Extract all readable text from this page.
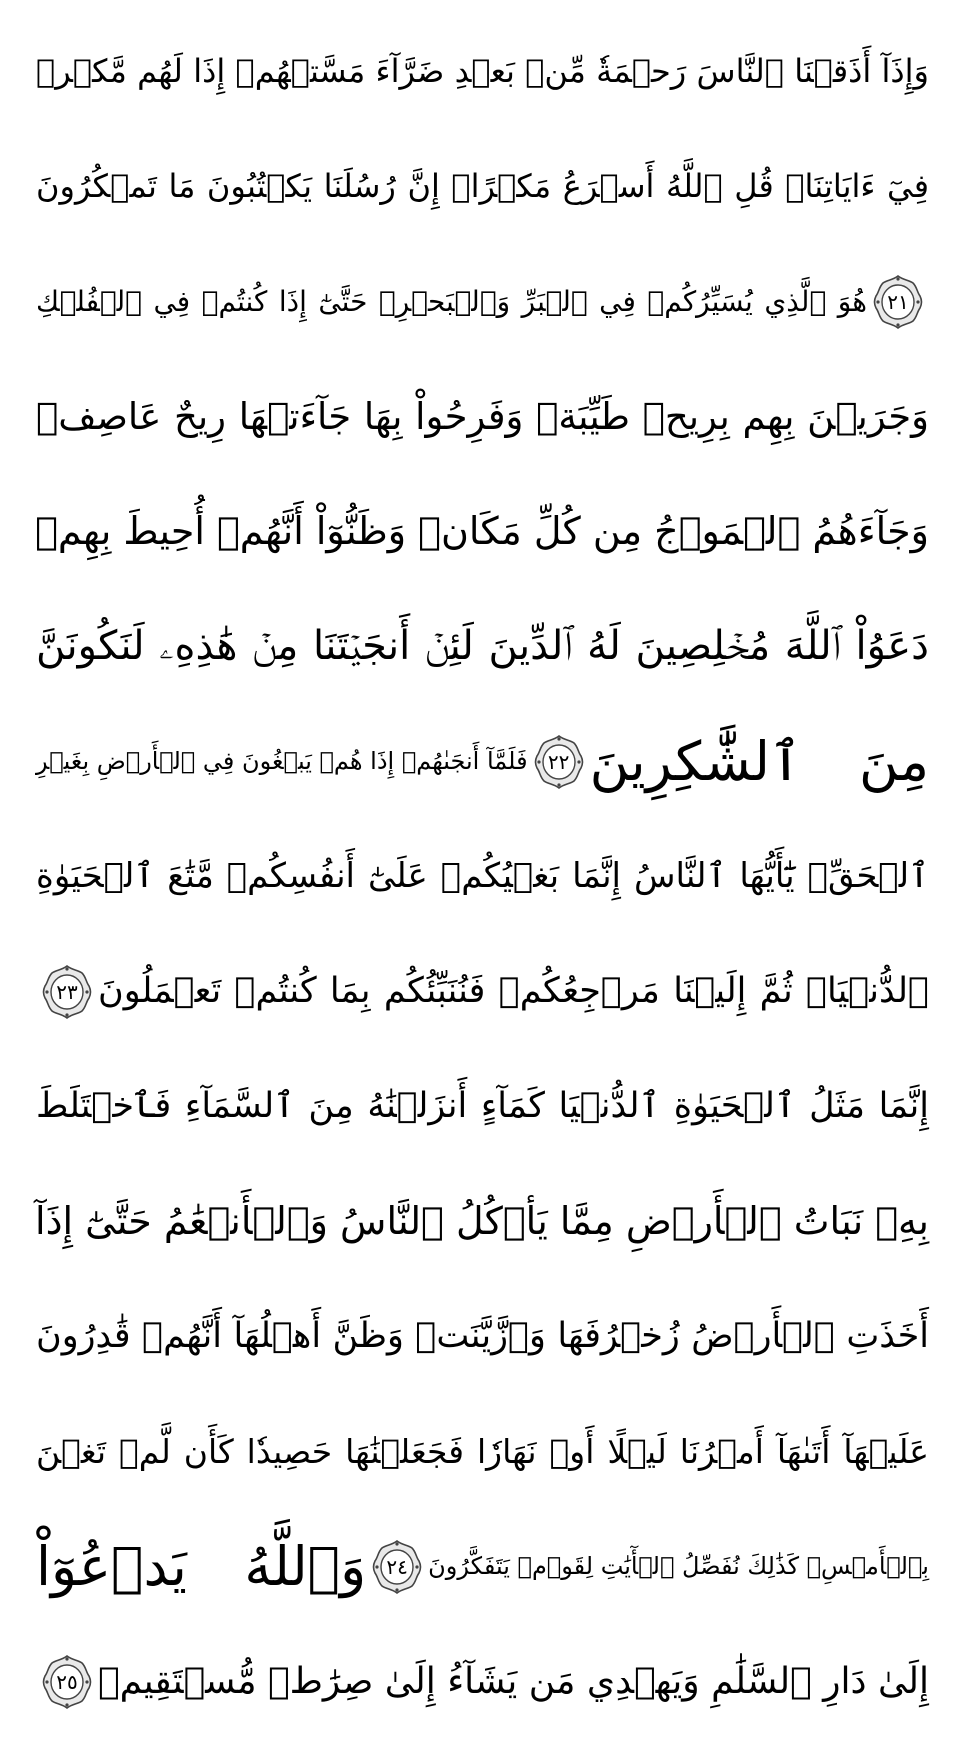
وَإِذَآ أَذَقۡنَا ٱلنَّاسَ رَحۡمَةٗ مِّنۢ بَعۡدِ ضَرَّآءَ مَسَّتۡهُمۡ إِذَا لَهُم مَّكۡرٞ
فِيٓ ءَايَاتِنَاۚ قُلِ ٱللَّهُ أَسۡرَعُ مَكۡرًاۚ إِنَّ رُسُلَنَا يَكۡتُبُونَ مَا تَمۡكُرُونَ
٢١
هُوَ ٱلَّذِي يُسَيِّرُكُمۡ فِي ٱلۡبَرِّ وَٱلۡبَحۡرِۖ حَتَّىٰٓ إِذَا كُنتُمۡ فِي ٱلۡفُلۡكِ
وَجَرَيۡنَ بِهِم بِرِيحٖ طَيِّبَةٖ وَفَرِحُواْ بِهَا جَآءَتۡهَا رِيحٌ عَاصِفٞ
وَجَآءَهُمُ ٱلۡمَوۡجُ مِن كُلِّ مَكَانٖ وَظَنُّوٓاْ أَنَّهُمۡ أُحِيطَ بِهِمۡ
دَعَوُاْ ٱللَّهَ مُخۡلِصِينَ لَهُ ٱلدِّينَ لَئِنۡ أَنجَيۡتَنَا مِنۡ هَٰذِهِۦ لَنَكُونَنَّ
مِنَ ٱلشَّٰكِرِينَ
٢٢
فَلَمَّآ أَنجَىٰهُمۡ إِذَا هُمۡ يَبۡغُونَ فِي ٱلۡأَرۡضِ بِغَيۡرِ
ٱلۡحَقِّۗ يَٰٓأَيُّهَا ٱلنَّاسُ إِنَّمَا بَغۡيُكُمۡ عَلَىٰٓ أَنفُسِكُمۖ مَّتَٰعَ ٱلۡحَيَوٰةِ
ٱلدُّنۡيَاۖ ثُمَّ إِلَيۡنَا مَرۡجِعُكُمۡ فَنُنَبِّئُكُم بِمَا كُنتُمۡ تَعۡمَلُونَ
٢٣
إِنَّمَا مَثَلُ ٱلۡحَيَوٰةِ ٱلدُّنۡيَا كَمَآءٍ أَنزَلۡنَٰهُ مِنَ ٱلسَّمَآءِ فَٱخۡتَلَطَ
بِهِۦ نَبَاتُ ٱلۡأَرۡضِ مِمَّا يَأۡكُلُ ٱلنَّاسُ وَٱلۡأَنۡعَٰمُ حَتَّىٰٓ إِذَآ
أَخَذَتِ ٱلۡأَرۡضُ زُخۡرُفَهَا وَٱزَّيَّنَتۡ وَظَنَّ أَهۡلُهَآ أَنَّهُمۡ قَٰدِرُونَ
عَلَيۡهَآ أَتَىٰهَآ أَمۡرُنَا لَيۡلًا أَوۡ نَهَارٗا فَجَعَلۡنَٰهَا حَصِيدٗا كَأَن لَّمۡ تَغۡنَ
بِٱلۡأَمۡسِۚ كَذَٰلِكَ نُفَصِّلُ ٱلۡأٓيَٰتِ لِقَوۡمٖ يَتَفَكَّرُونَ
٢٤
وَٱللَّهُ يَدۡعُوٓاْ
إِلَىٰ دَارِ ٱلسَّلَٰمِ وَيَهۡدِي مَن يَشَآءُ إِلَىٰ صِرَٰطٖ مُّسۡتَقِيمٖ
٢٥
